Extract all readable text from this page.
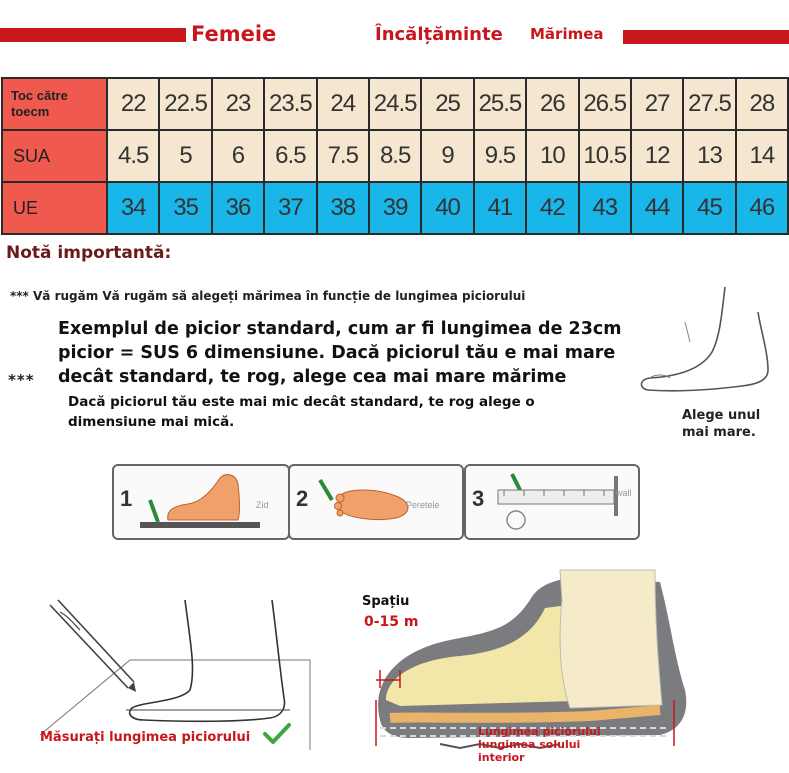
Femeie	Încălțăminte Mărimea
Toc către toecm	22	22.5	23	23.5	24	24.5	25	25.5	26	26.5	27	27.5	28
SUA	4.5	5	6	6.5	7.5	8.5	9	9.5	10	10.5	12	13	14
UE	34	35	36	37	38	39	40	41	42	43	44	45	46
Notă importantă:
*** Vă rugăm Vă rugăm să alegeți mărimea în funcție de lungimea piciorului
Exemplul de picior standard, cum ar fi lungimea de 23cm picior = SUS 6 dimensiune. Dacă piciorul tău e mai mare decât standard, te rog, alege cea mai mare mărime
***
Dacă piciorul tău este mai mic decât standard, te rog alege o dimensiune mai mică.	Alege unul mai mare.
1	Zid 2	Peretele 3	wall
Măsurați lungimea piciorului
Spațiu
0-15 m
Lungimea piciorului
lungimea solului
interior
